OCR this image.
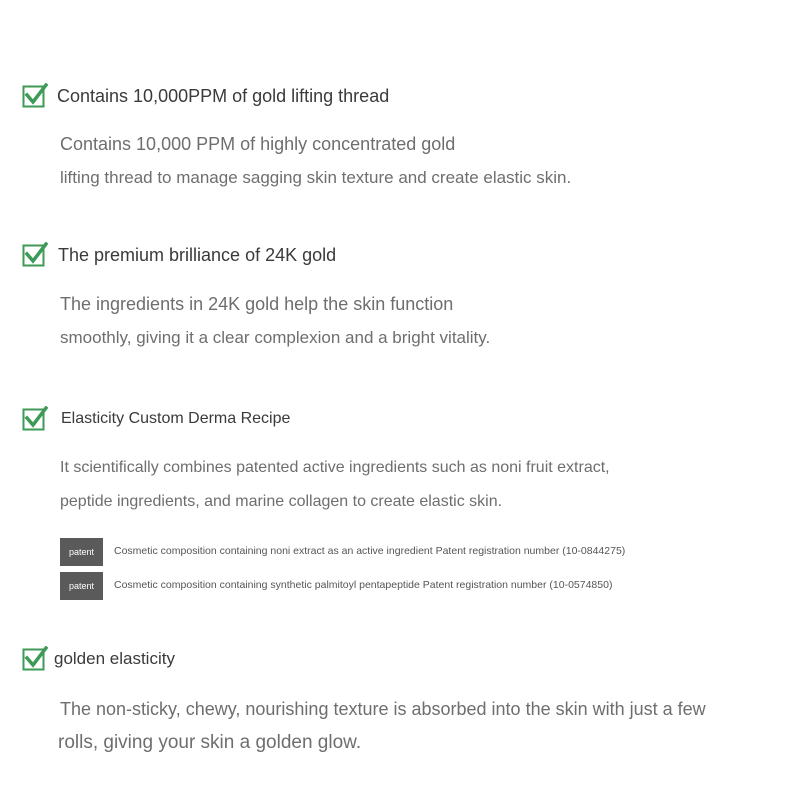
Contains 10,000PPM of gold lifting thread
Contains 10,000 PPM of highly concentrated gold
lifting thread to manage sagging skin texture and create elastic skin.
The premium brilliance of 24K gold
The ingredients in 24K gold help the skin function
smoothly, giving it a clear complexion and a bright vitality.
Elasticity Custom Derma Recipe
It scientifically combines patented active ingredients such as noni fruit extract,
peptide ingredients, and marine collagen to create elastic skin.
patent	Cosmetic composition containing noni extract as an active ingredient Patent registration number (10-0844275)
patent	Cosmetic composition containing synthetic palmitoyl pentapeptide Patent registration number (10-0574850)
golden elasticity
The non-sticky, chewy, nourishing texture is absorbed into the skin with just a few
rolls, giving your skin a golden glow.
